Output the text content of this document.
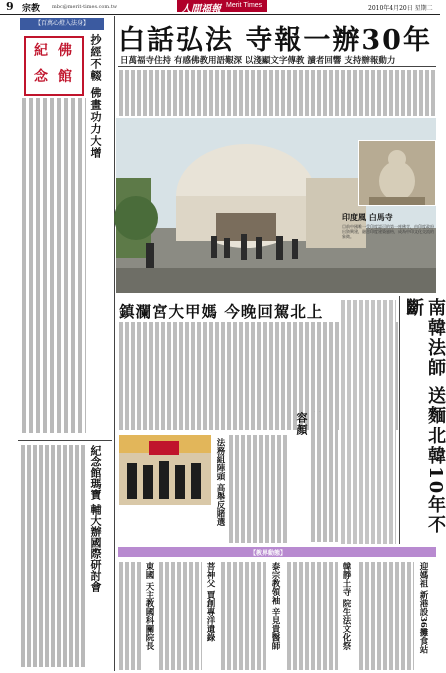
9 宗教 mbc@merit-times.com.tw	人間福報 Merit Times	2010年4月20日 星期二
【百萬心燈入法身】
佛
館
紀
念	抄經不輟 佛畫功力大增
紀念館瑪寶 輔大辦國際研討會
白話弘法 寺報一辦30年
日萬福寺住持 有感佛教用語艱深 以淺顯文字傳教 讀者回響 支持辦報動力
印度風 白馬寺
目前中國唯一受印度認可的第一座佛寺，由印度政府出資興建，融合印度建築風格，成為中印文化交流的象徵。
鎮瀾宮大甲媽 今晚回駕北上	南韓法師 送麵北韓10年不斷
法務組陣頭 高舉反賭選
容顏
【教界動態】
東國 天主教國科關院長	菩神父 賈創專洋遺錄	泰宗教領袖 辛見貴醫師	韓靜土寺 院生法文化祭	迎媽祖 新港設36攤食站
